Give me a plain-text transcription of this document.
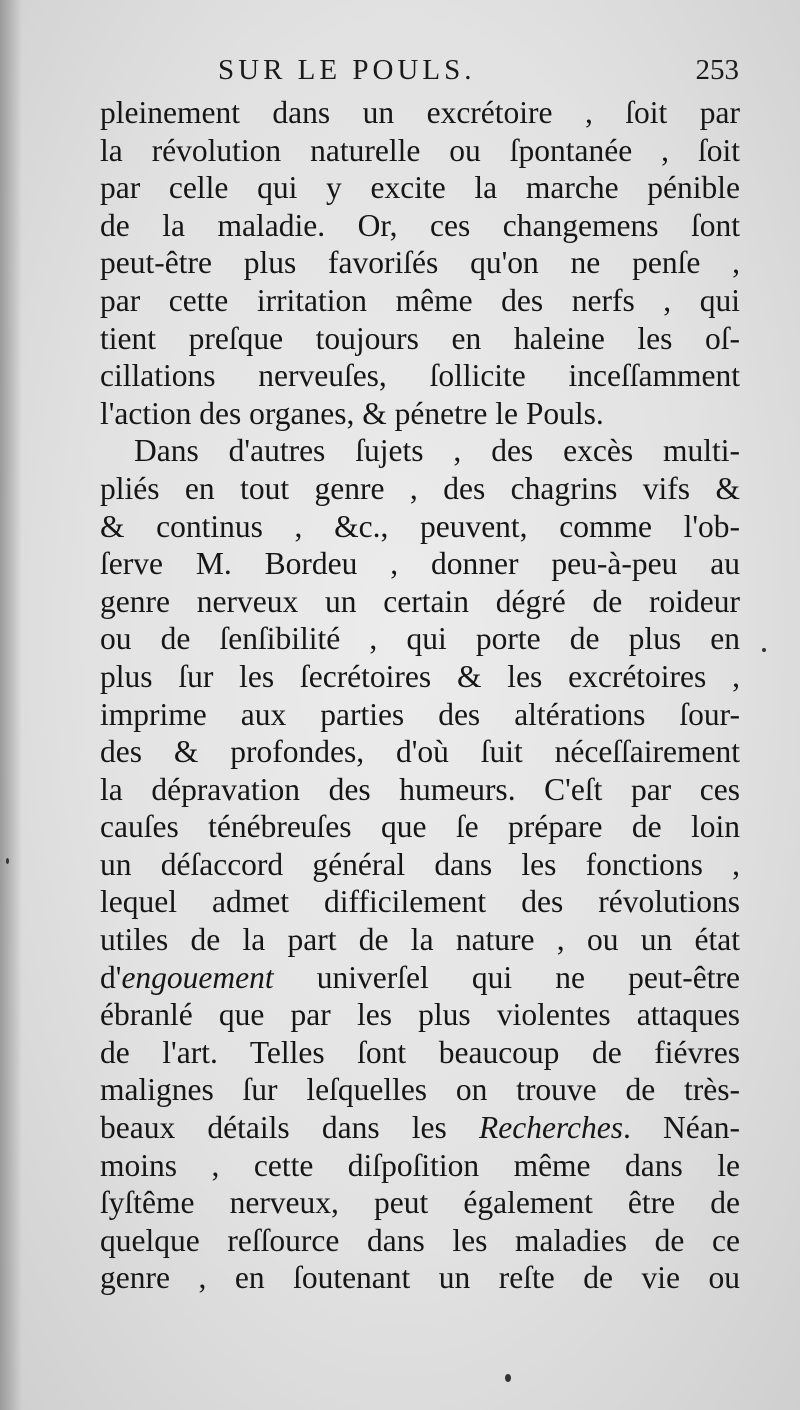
SUR LE POULS.	253
pleinement dans un excrétoire , ſoit par
la révolution naturelle ou ſpontanée , ſoit
par celle qui y excite la marche pénible
de la maladie. Or, ces changemens ſont
peut-être plus favoriſés qu'on ne penſe ,
par cette irritation même des nerfs , qui
tient preſque toujours en haleine les oſ-
cillations nerveuſes, ſollicite inceſſamment
l'action des organes, & pénetre le Pouls.
Dans d'autres ſujets , des excès multi-
pliés en tout genre , des chagrins vifs &
& continus , &c., peuvent, comme l'ob-
ſerve M. Bordeu , donner peu-à-peu au
genre nerveux un certain dégré de roideur
ou de ſenſibilité , qui porte de plus en
plus ſur les ſecrétoires & les excrétoires ,
imprime aux parties des altérations ſour-
des & profondes, d'où ſuit néceſſairement
la dépravation des humeurs. C'eſt par ces
cauſes ténébreuſes que ſe prépare de loin
un déſaccord général dans les fonctions ,
lequel admet difficilement des révolutions
utiles de la part de la nature , ou un état
d'engouement univerſel qui ne peut-être
ébranlé que par les plus violentes attaques
de l'art. Telles ſont beaucoup de fiévres
malignes ſur leſquelles on trouve de très-
beaux détails dans les Recherches. Néan-
moins , cette diſpoſition même dans le
ſyſtême nerveux, peut également être de
quelque reſſource dans les maladies de ce
genre , en ſoutenant un reſte de vie ou
